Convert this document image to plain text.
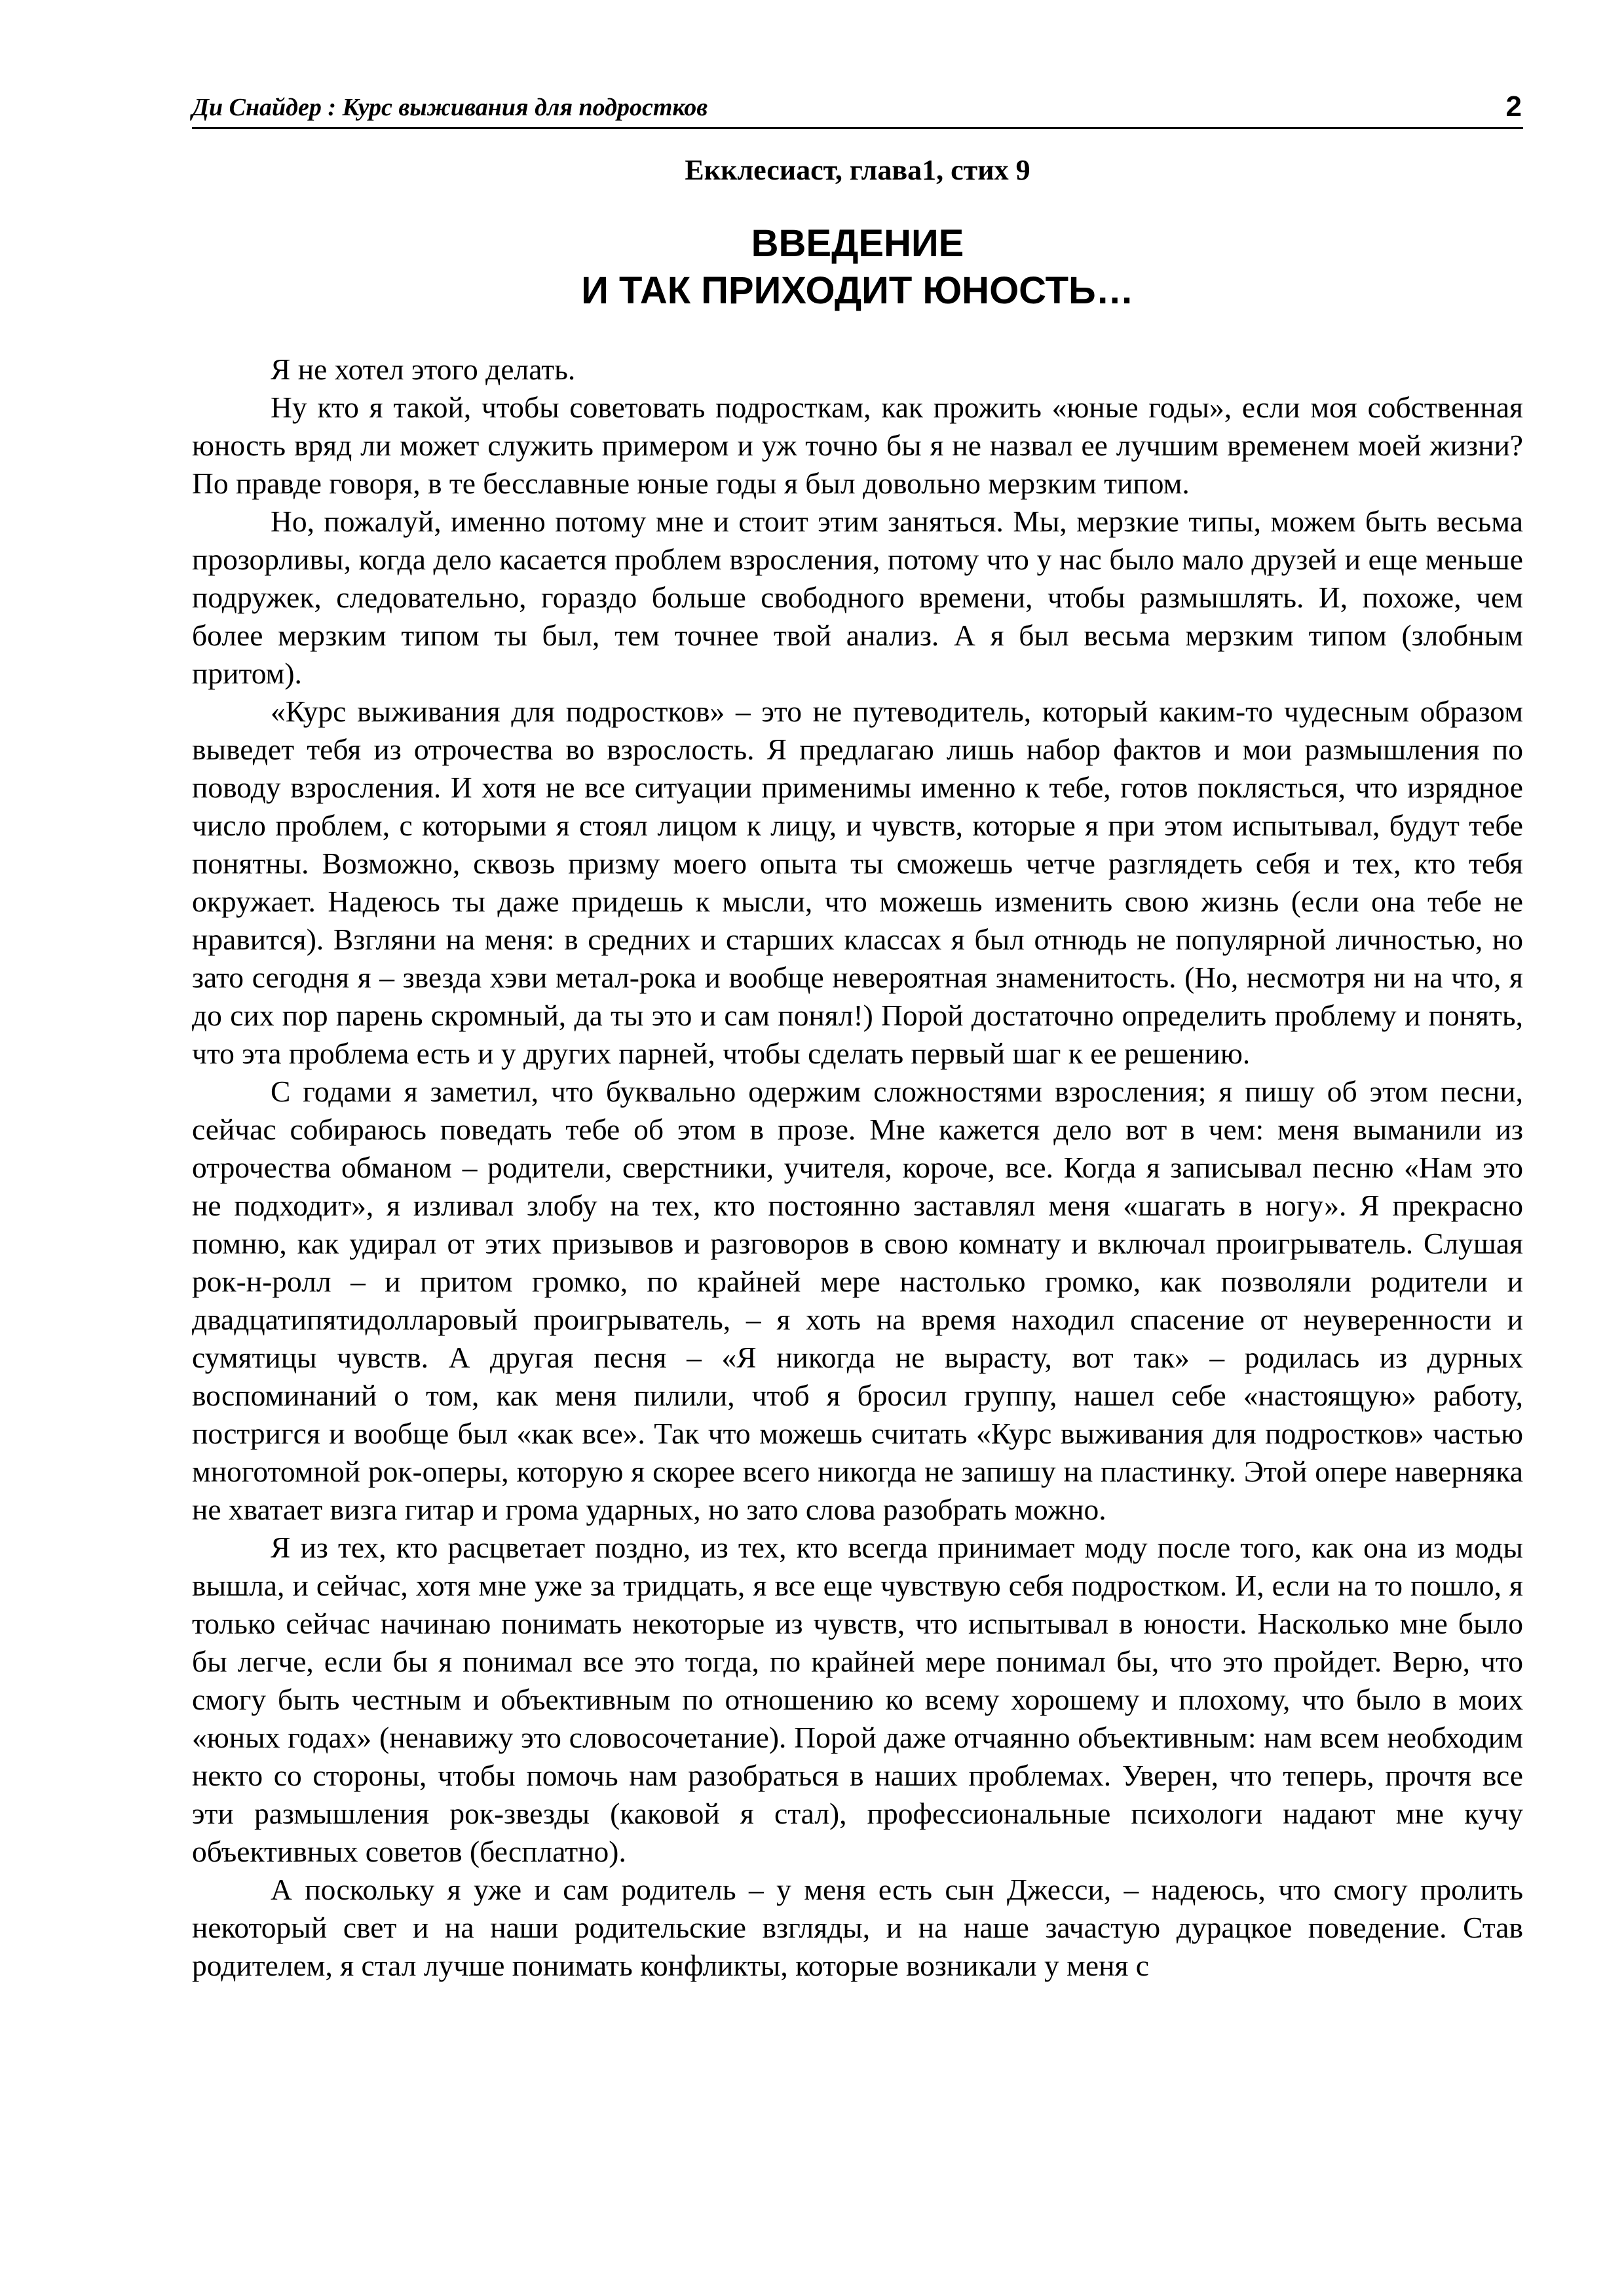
Ди Снайдер : Курс выживания для подростков	2
Екклесиаст, глава1, стих 9
ВВЕДЕНИЕ
И ТАК ПРИХОДИТ ЮНОСТЬ…

Я не хотел этого делать.

Ну кто я такой, чтобы советовать подросткам, как прожить «юные годы», если моя собственная юность вряд ли может служить примером и уж точно бы я не назвал ее лучшим временем моей жизни? По правде говоря, в те бесславные юные годы я был довольно мерзким типом.

Но, пожалуй, именно потому мне и стоит этим заняться. Мы, мерзкие типы, можем быть весьма прозорливы, когда дело касается проблем взросления, потому что у нас было мало друзей и еще меньше подружек, следовательно, гораздо больше свободного времени, чтобы размышлять. И, похоже, чем более мерзким типом ты был, тем точнее твой анализ. А я был весьма мерзким типом (злобным притом).

«Курс выживания для подростков» – это не путеводитель, который каким-то чудесным образом выведет тебя из отрочества во взрослость. Я предлагаю лишь набор фактов и мои размышления по поводу взросления. И хотя не все ситуации применимы именно к тебе, готов поклясться, что изрядное число проблем, с которыми я стоял лицом к лицу, и чувств, которые я при этом испытывал, будут тебе понятны. Возможно, сквозь призму моего опыта ты сможешь четче разглядеть себя и тех, кто тебя окружает. Надеюсь ты даже придешь к мысли, что можешь изменить свою жизнь (если она тебе не нравится). Взгляни на меня: в средних и старших классах я был отнюдь не популярной личностью, но зато сегодня я – звезда хэви метал-рока и вообще невероятная знаменитость. (Но, несмотря ни на что, я до сих пор парень скромный, да ты это и сам понял!) Порой достаточно определить проблему и понять, что эта проблема есть и у других парней, чтобы сделать первый шаг к ее решению.

С годами я заметил, что буквально одержим сложностями взросления; я пишу об этом песни, сейчас собираюсь поведать тебе об этом в прозе. Мне кажется дело вот в чем: меня выманили из отрочества обманом – родители, сверстники, учителя, короче, все. Когда я записывал песню «Нам это не подходит», я изливал злобу на тех, кто постоянно заставлял меня «шагать в ногу». Я прекрасно помню, как удирал от этих призывов и разговоров в свою комнату и включал проигрыватель. Слушая рок-н-ролл – и притом громко, по крайней мере настолько громко, как позволяли родители и двадцатипятидолларовый проигрыватель, – я хоть на время находил спасение от неуверенности и сумятицы чувств. А другая песня – «Я никогда не вырасту, вот так» – родилась из дурных воспоминаний о том, как меня пилили, чтоб я бросил группу, нашел себе «настоящую» работу, постригся и вообще был «как все». Так что можешь считать «Курс выживания для подростков» частью многотомной рок-оперы, которую я скорее всего никогда не запишу на пластинку. Этой опере наверняка не хватает визга гитар и грома ударных, но зато слова разобрать можно.

Я из тех, кто расцветает поздно, из тех, кто всегда принимает моду после того, как она из моды вышла, и сейчас, хотя мне уже за тридцать, я все еще чувствую себя подростком. И, если на то пошло, я только сейчас начинаю понимать некоторые из чувств, что испытывал в юности. Насколько мне было бы легче, если бы я понимал все это тогда, по крайней мере понимал бы, что это пройдет. Верю, что смогу быть честным и объективным по отношению ко всему хорошему и плохому, что было в моих «юных годах» (ненавижу это словосочетание). Порой даже отчаянно объективным: нам всем необходим некто со стороны, чтобы помочь нам разобраться в наших проблемах. Уверен, что теперь, прочтя все эти размышления рок-звезды (каковой я стал), профессиональные психологи надают мне кучу объективных советов (бесплатно).

А поскольку я уже и сам родитель – у меня есть сын Джесси, – надеюсь, что смогу пролить некоторый свет и на наши родительские взгляды, и на наше зачастую дурацкое поведение. Став родителем, я стал лучше понимать конфликты, которые возникали у меня с
